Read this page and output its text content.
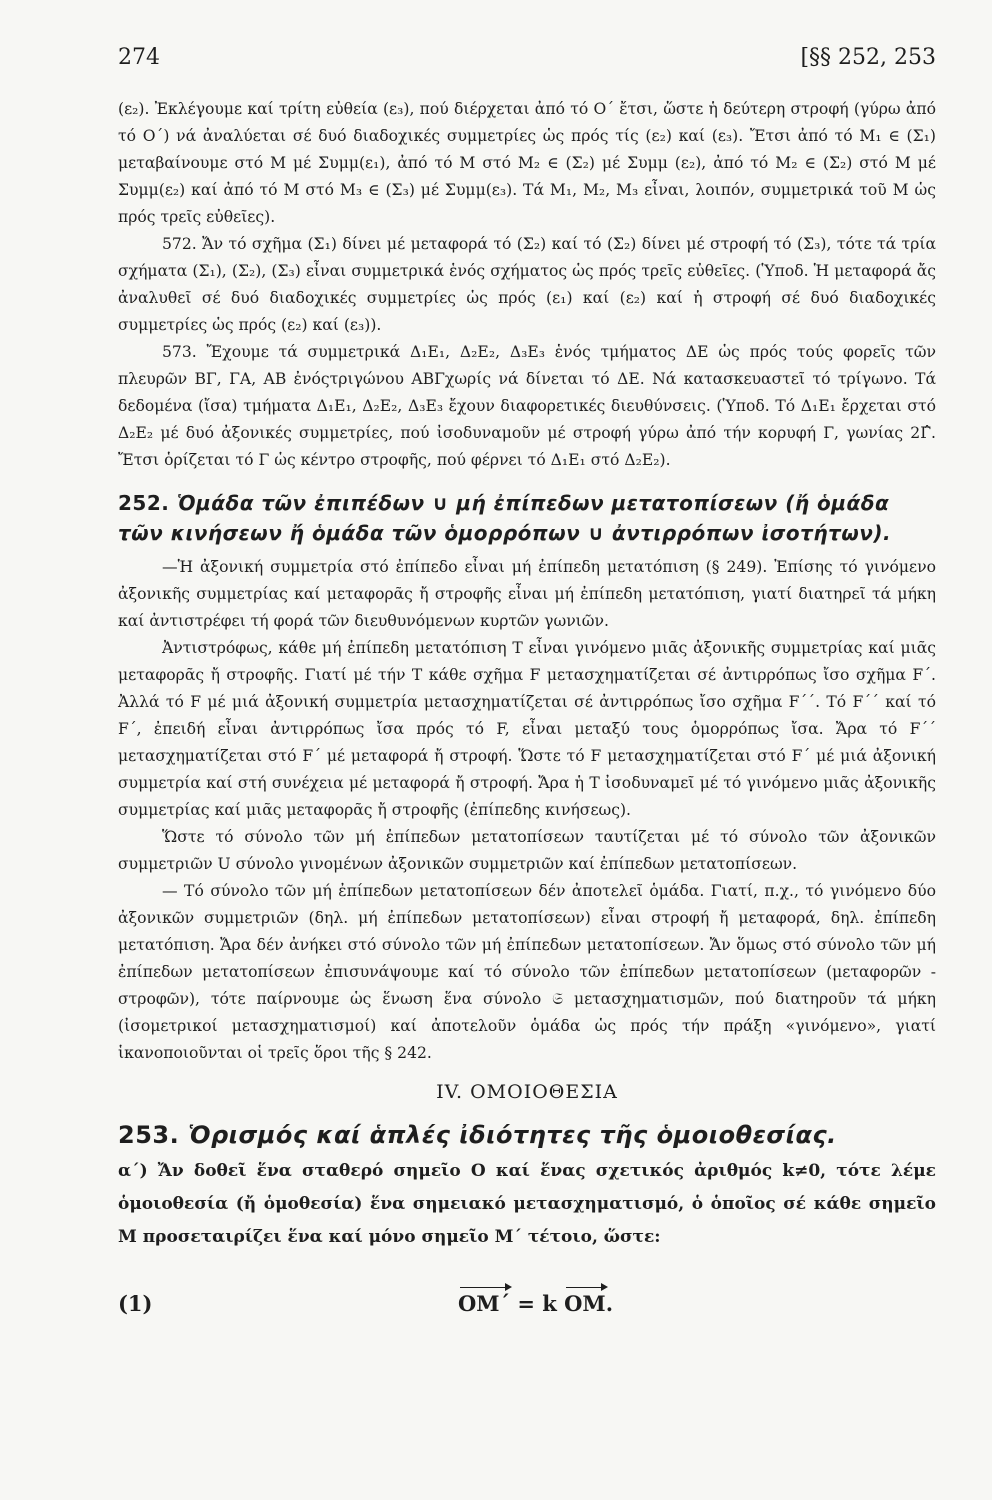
274	[§§ 252, 253

(ε₂). Ἐκλέγουμε καί τρίτη εὐθεία (ε₃), πού διέρχεται ἀπό τό Ο΄ ἔτσι, ὥστε ἡ δεύτερη στροφή (γύρω ἀπό τό Ο΄) νά ἀναλύεται σέ δυό διαδοχικές συμμετρίες ὡς πρός τίς (ε₂) καί (ε₃). Ἔτσι ἀπό τό Μ₁ ∈ (Σ₁) μεταβαίνουμε στό Μ μέ Συμμ(ε₁), ἀπό τό Μ στό Μ₂ ∈ (Σ₂) μέ Συμμ (ε₂), ἀπό τό Μ₂ ∈ (Σ₂) στό Μ μέ Συμμ(ε₂) καί ἀπό τό Μ στό Μ₃ ∈ (Σ₃) μέ Συμμ(ε₃). Τά Μ₁, Μ₂, Μ₃ εἶναι, λοιπόν, συμμετρικά τοῦ Μ ὡς πρός τρεῖς εὐθεῖες).

572. Ἄν τό σχῆμα (Σ₁) δίνει μέ μεταφορά τό (Σ₂) καί τό (Σ₂) δίνει μέ στροφή τό (Σ₃), τότε τά τρία σχήματα (Σ₁), (Σ₂), (Σ₃) εἶναι συμμετρικά ἑνός σχήματος ὡς πρός τρεῖς εὐθεῖες. (Ὑποδ. Ἡ μεταφορά ἄς ἀναλυθεῖ σέ δυό διαδοχικές συμμετρίες ὡς πρός (ε₁) καί (ε₂) καί ἡ στροφή σέ δυό διαδοχικές συμμετρίες ὡς πρός (ε₂) καί (ε₃)).

573. Ἔχουμε τά συμμετρικά Δ₁Ε₁, Δ₂Ε₂, Δ₃Ε₃ ἑνός τμήματος ΔΕ ὡς πρός τούς φορεῖς τῶν πλευρῶν ΒΓ, ΓΑ, ΑΒ ἐνόςτριγώνου ΑΒΓχωρίς νά δίνεται τό ΔΕ. Νά κατασκευαστεῖ τό τρίγωνο. Τά δεδομένα (ἴσα) τμήματα Δ₁Ε₁, Δ₂Ε₂, Δ₃Ε₃ ἔχουν διαφορετικές διευθύνσεις. (Ὑποδ. Τό Δ₁Ε₁ ἔρχεται στό Δ₂Ε₂ μέ δυό ἀξονικές συμμετρίες, πού ἰσοδυναμοῦν μέ στροφή γύρω ἀπό τήν κορυφή Γ, γωνίας 2Γ̂. Ἔτσι ὁρίζεται τό Γ ὡς κέντρο στροφῆς, πού φέρνει τό Δ₁Ε₁ στό Δ₂Ε₂).

252. Ὁμάδα τῶν ἐπιπέδων ∪ μή ἐπίπεδων μετατοπίσεων (ἤ ὁμάδα τῶν κινήσεων ἤ ὁμάδα τῶν ὁμορρόπων ∪ ἀντιρρόπων ἰσοτήτων).

—Ἡ ἀξονική συμμετρία στό ἐπίπεδο εἶναι μή ἐπίπεδη μετατόπιση (§ 249). Ἐπίσης τό γινόμενο ἀξονικῆς συμμετρίας καί μεταφορᾶς ἤ στροφῆς εἶναι μή ἐπίπεδη μετατόπιση, γιατί διατηρεῖ τά μήκη καί ἀντιστρέφει τή φορά τῶν διευθυνόμενων κυρτῶν γωνιῶν.

Ἀντιστρόφως, κάθε μή ἐπίπεδη μετατόπιση Τ εἶναι γινόμενο μιᾶς ἀξονικῆς συμμετρίας καί μιᾶς μεταφορᾶς ἤ στροφῆς. Γιατί μέ τήν Τ κάθε σχῆμα F μετασχηματίζεται σέ ἀντιρρόπως ἴσο σχῆμα F΄. Ἀλλά τό F μέ μιά ἀξονική συμμετρία μετασχηματίζεται σέ ἀντιρρόπως ἴσο σχῆμα F΄΄. Τό F΄΄ καί τό F΄, ἐπειδή εἶναι ἀντιρρόπως ἴσα πρός τό F, εἶναι μεταξύ τους ὁμορρόπως ἴσα. Ἄρα τό F΄΄ μετασχηματίζεται στό F΄ μέ μεταφορά ἤ στροφή. Ὥστε τό F μετασχηματίζεται στό F΄ μέ μιά ἀξονική συμμετρία καί στή συνέχεια μέ μεταφορά ἤ στροφή. Ἄρα ἡ Τ ἰσοδυναμεῖ μέ τό γινόμενο μιᾶς ἀξονικῆς συμμετρίας καί μιᾶς μεταφορᾶς ἤ στροφῆς (ἐπίπεδης κινήσεως).

Ὥστε τό σύνολο τῶν μή ἐπίπεδων μετατοπίσεων ταυτίζεται μέ τό σύνολο τῶν ἀξονικῶν συμμετριῶν U σύνολο γινομένων ἀξονικῶν συμμετριῶν καί ἐπίπεδων μετατοπίσεων.

— Τό σύνολο τῶν μή ἐπίπεδων μετατοπίσεων δέν ἀποτελεῖ ὁμάδα. Γιατί, π.χ., τό γινόμενο δύο ἀξονικῶν συμμετριῶν (δηλ. μή ἐπίπεδων μετατοπίσεων) εἶναι στροφή ἤ μεταφορά, δηλ. ἐπίπεδη μετατόπιση. Ἄρα δέν ἀνήκει στό σύνολο τῶν μή ἐπίπεδων μετατοπίσεων. Ἄν ὅμως στό σύνολο τῶν μή ἐπίπεδων μετατοπίσεων ἐπισυνάψουμε καί τό σύνολο τῶν ἐπίπεδων μετατοπίσεων (μεταφορῶν - στροφῶν), τότε παίρνουμε ὡς ἕνωση ἕνα σύνολο 𝔖 μετασχηματισμῶν, πού διατηροῦν τά μήκη (ἰσομετρικοί μετασχηματισμοί) καί ἀποτελοῦν ὁμάδα ὡς πρός τήν πράξη «γινόμενο», γιατί ἱκανοποιοῦνται οἱ τρεῖς ὅροι τῆς § 242.

IV. ΟΜΟΙΟΘΕΣΙΑ
253. Ὁρισμός καί ἁπλές ἰδιότητες τῆς ὁμοιοθεσίας.

α΄) Ἄν δοθεῖ ἕνα σταθερό σημεῖο Ο καί ἕνας σχετικός ἀριθμός k≠0, τότε λέμε ὁμοιοθεσία (ἤ ὁμοθεσία) ἕνα σημειακό μετασχηματισμό, ὁ ὁποῖος σέ κάθε σημεῖο Μ προσεταιρίζει ἕνα καί μόνο σημεῖο Μ΄ τέτοιο, ὥστε:

(1)	ΟΜ΄ = k ΟΜ.
